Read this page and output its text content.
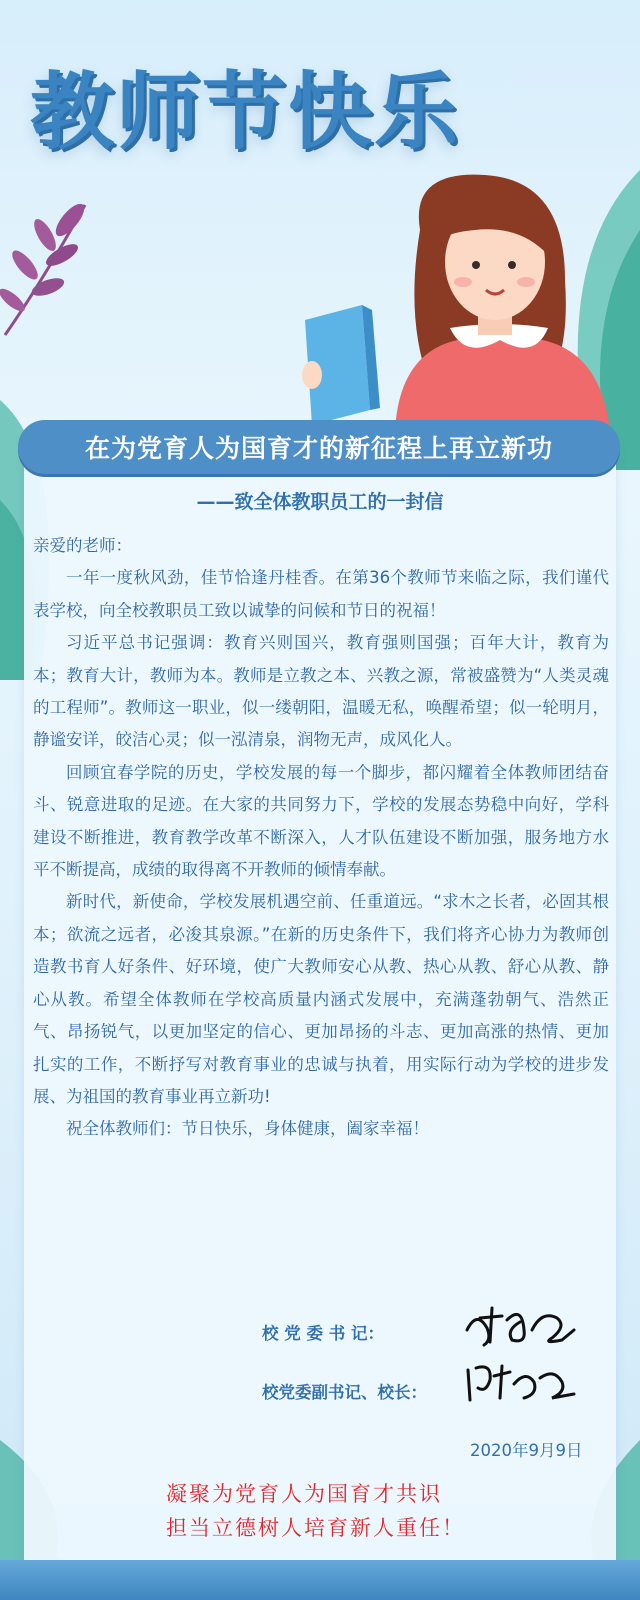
教师节快乐
在为党育人为国育才的新征程上再立新功
——致全体教职员工的一封信

亲爱的老师：

一年一度秋风劲，佳节恰逢丹桂香。在第36个教师节来临之际，我们谨代表学校，向全校教职员工致以诚挚的问候和节日的祝福！

习近平总书记强调：教育兴则国兴，教育强则国强；百年大计，教育为本；教育大计，教师为本。教师是立教之本、兴教之源，常被盛赞为“人类灵魂的工程师”。教师这一职业，似一缕朝阳，温暖无私，唤醒希望；似一轮明月，静谧安详，皎洁心灵；似一泓清泉，润物无声，成风化人。

回顾宜春学院的历史，学校发展的每一个脚步，都闪耀着全体教师团结奋斗、锐意进取的足迹。在大家的共同努力下，学校的发展态势稳中向好，学科建设不断推进，教育教学改革不断深入，人才队伍建设不断加强，服务地方水平不断提高，成绩的取得离不开教师的倾情奉献。

新时代，新使命，学校发展机遇空前、任重道远。“求木之长者，必固其根本；欲流之远者，必浚其泉源。”在新的历史条件下，我们将齐心协力为教师创造教书育人好条件、好环境，使广大教师安心从教、热心从教、舒心从教、静心从教。希望全体教师在学校高质量内涵式发展中，充满蓬勃朝气、浩然正气、昂扬锐气，以更加坚定的信心、更加昂扬的斗志、更加高涨的热情、更加扎实的工作，不断抒写对教育事业的忠诚与执着，用实际行动为学校的进步发展、为祖国的教育事业再立新功!

祝全体教师们：节日快乐，身体健康，阖家幸福！

校 党 委 书 记：
校党委副书记、校长：
2020年9月9日
凝聚为党育人为国育才共识
担当立德树人培育新人重任！
